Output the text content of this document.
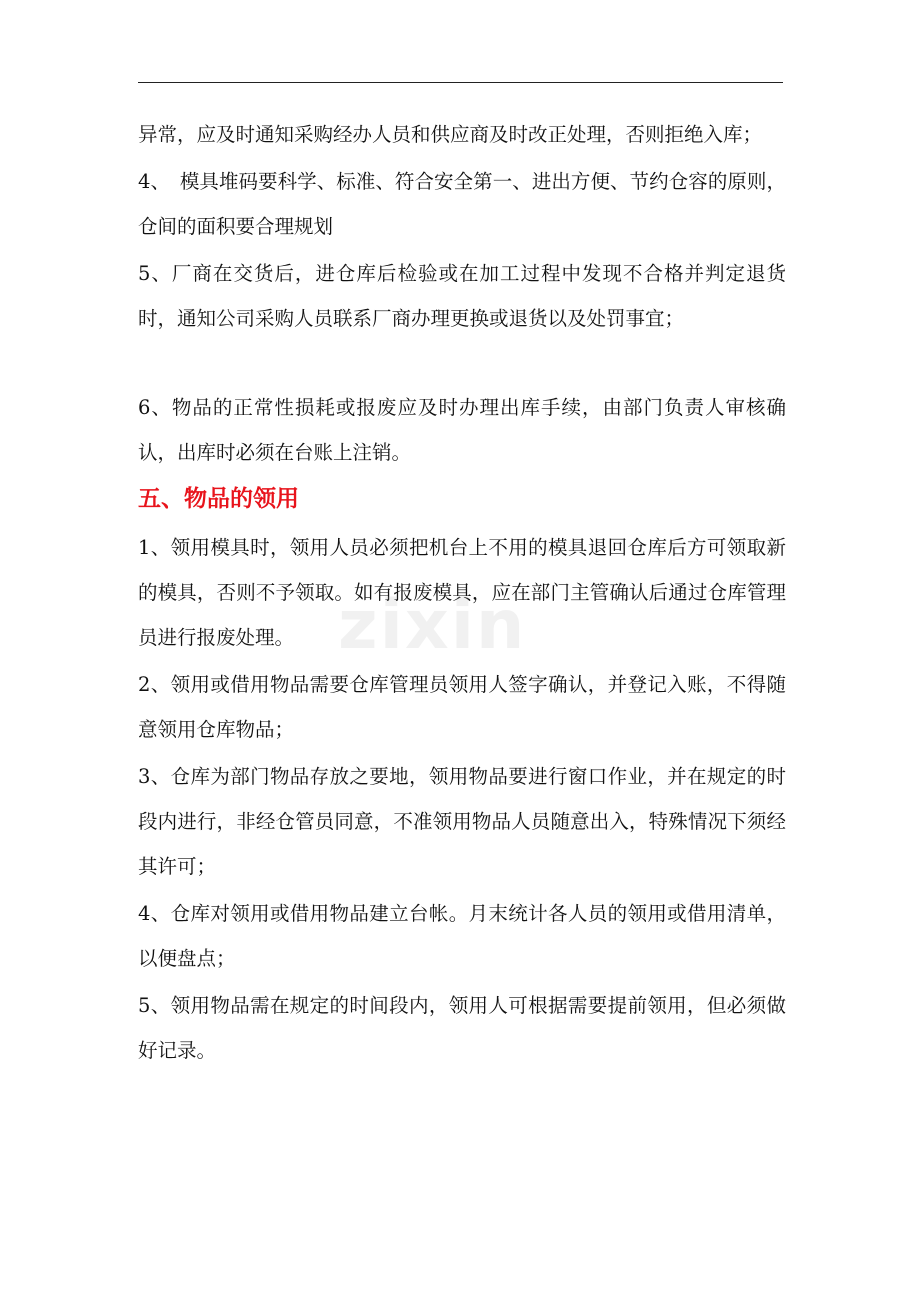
异常，应及时通知采购经办人员和供应商及时改正处理，否则拒绝入库；

4、　模具堆码要科学、标准、符合安全第一、进出方便、节约仓容的原则，仓间的面积要合理规划

5、厂商在交货后，进仓库后检验或在加工过程中发现不合格并判定退货时，通知公司采购人员联系厂商办理更换或退货以及处罚事宜；

6、物品的正常性损耗或报废应及时办理出库手续，由部门负责人审核确认，出库时必须在台账上注销。

五、物品的领用

1、领用模具时，领用人员必须把机台上不用的模具退回仓库后方可领取新的模具，否则不予领取。如有报废模具，应在部门主管确认后通过仓库管理员进行报废处理。

2、领用或借用物品需要仓库管理员领用人签字确认，并登记入账，不得随意领用仓库物品；

3、仓库为部门物品存放之要地，领用物品要进行窗口作业，并在规定的时段内进行，非经仓管员同意，不准领用物品人员随意出入，特殊情况下须经其许可；

4、仓库对领用或借用物品建立台帐。月末统计各人员的领用或借用清单，以便盘点；

5、领用物品需在规定的时间段内，领用人可根据需要提前领用，但必须做好记录。

zixin
